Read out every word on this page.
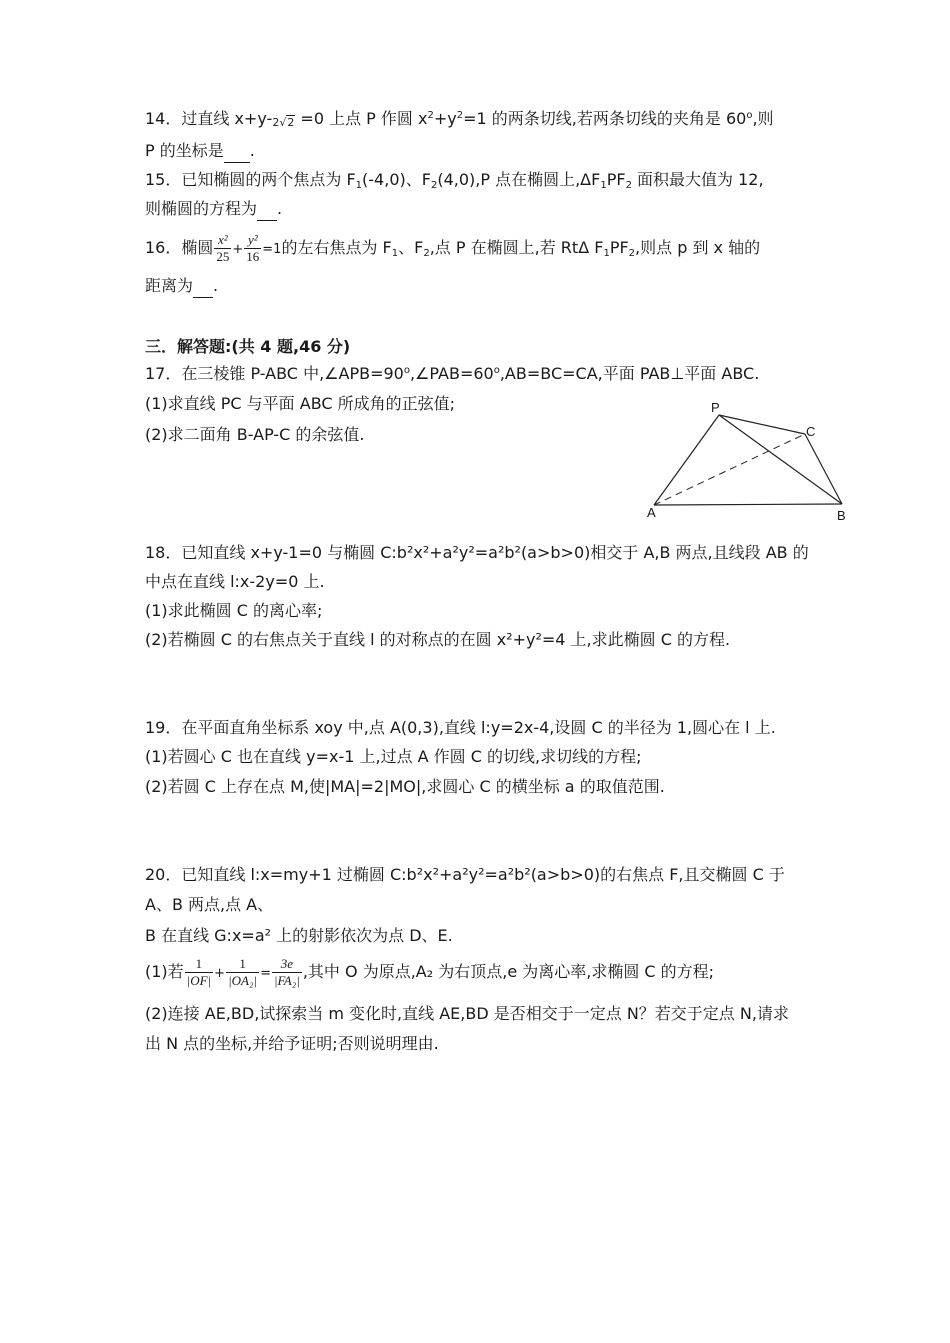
14．过直线 x+y-2√2 =0 上点 P 作圆 $x^2+y^2=1$ 的两条切线,若两条切线的夹角是 60$^o$,则
P 的坐标是 .
15．已知椭圆的两个焦点为 $F_1(-4,0)$、$F_2(4,0),P$ 点在椭圆上$,\Delta F_1PF_2$ 面积最大值为 12,
则椭圆的方程为 .
16．椭圆 $\frac{\text{x²}}{25} + \frac{\text{y²}}{16} =1$的左右焦点为 $F_1$、$F_2$,点 P 在椭圆上,若 RtΔ $F_1PF_2$,则点 p 到 x 轴的
距离为 .
三．解答题:(共 4 题,46 分)
17．在三棱锥 P-ABC 中$,\angle APB=90^o,\angle PAB=60^o,AB=BC=CA$,平面 PAB⊥平面 ABC.
(1)求直线 PC 与平面 ABC 所成角的正弦值;
(2)求二面角 B-AP-C 的余弦值.
P
C
A	B
18．已知直线 x+y-1=0 与椭圆 C:b²x²+a²y²=a²b²(a>b>0)相交于 A,B 两点,且线段 AB 的
中点在直线 l:x-2y=0 上.
(1)求此椭圆 C 的离心率;
(2)若椭圆 C 的右焦点关于直线 l 的对称点的在圆 x²+y²=4 上,求此椭圆 C 的方程.
19．在平面直角坐标系 xoy 中,点 A(0,3),直线 l:y=2x-4,设圆 C 的半径为 1,圆心在 l 上.
(1)若圆心 C 也在直线 y=x-1 上,过点 A 作圆 C 的切线,求切线的方程;
(2)若圆 C 上存在点 M,使|MA|=2|MO|,求圆心 C 的横坐标 a 的取值范围.
20．已知直线 l:x=my+1 过椭圆 C:b²x²+a²y²=a²b²(a>b>0)的右焦点 F,且交椭圆 C 于
A、B 两点,点 A、
B 在直线 G:x=a² 上的射影依次为点 D、E.
(1)若 $\frac{1}{|OF|} + \frac{1}{\text{|OA₂|}} = \frac{3e}{\text{|FA₂|}}$ ,其中 O 为原点,A₂ 为右顶点,e 为离心率,求椭圆 C 的方程;
(2)连接 AE,BD,试探索当 m 变化时,直线 AE,BD 是否相交于一定点 N？若交于定点 N,请求
出 N 点的坐标,并给予证明;否则说明理由.
